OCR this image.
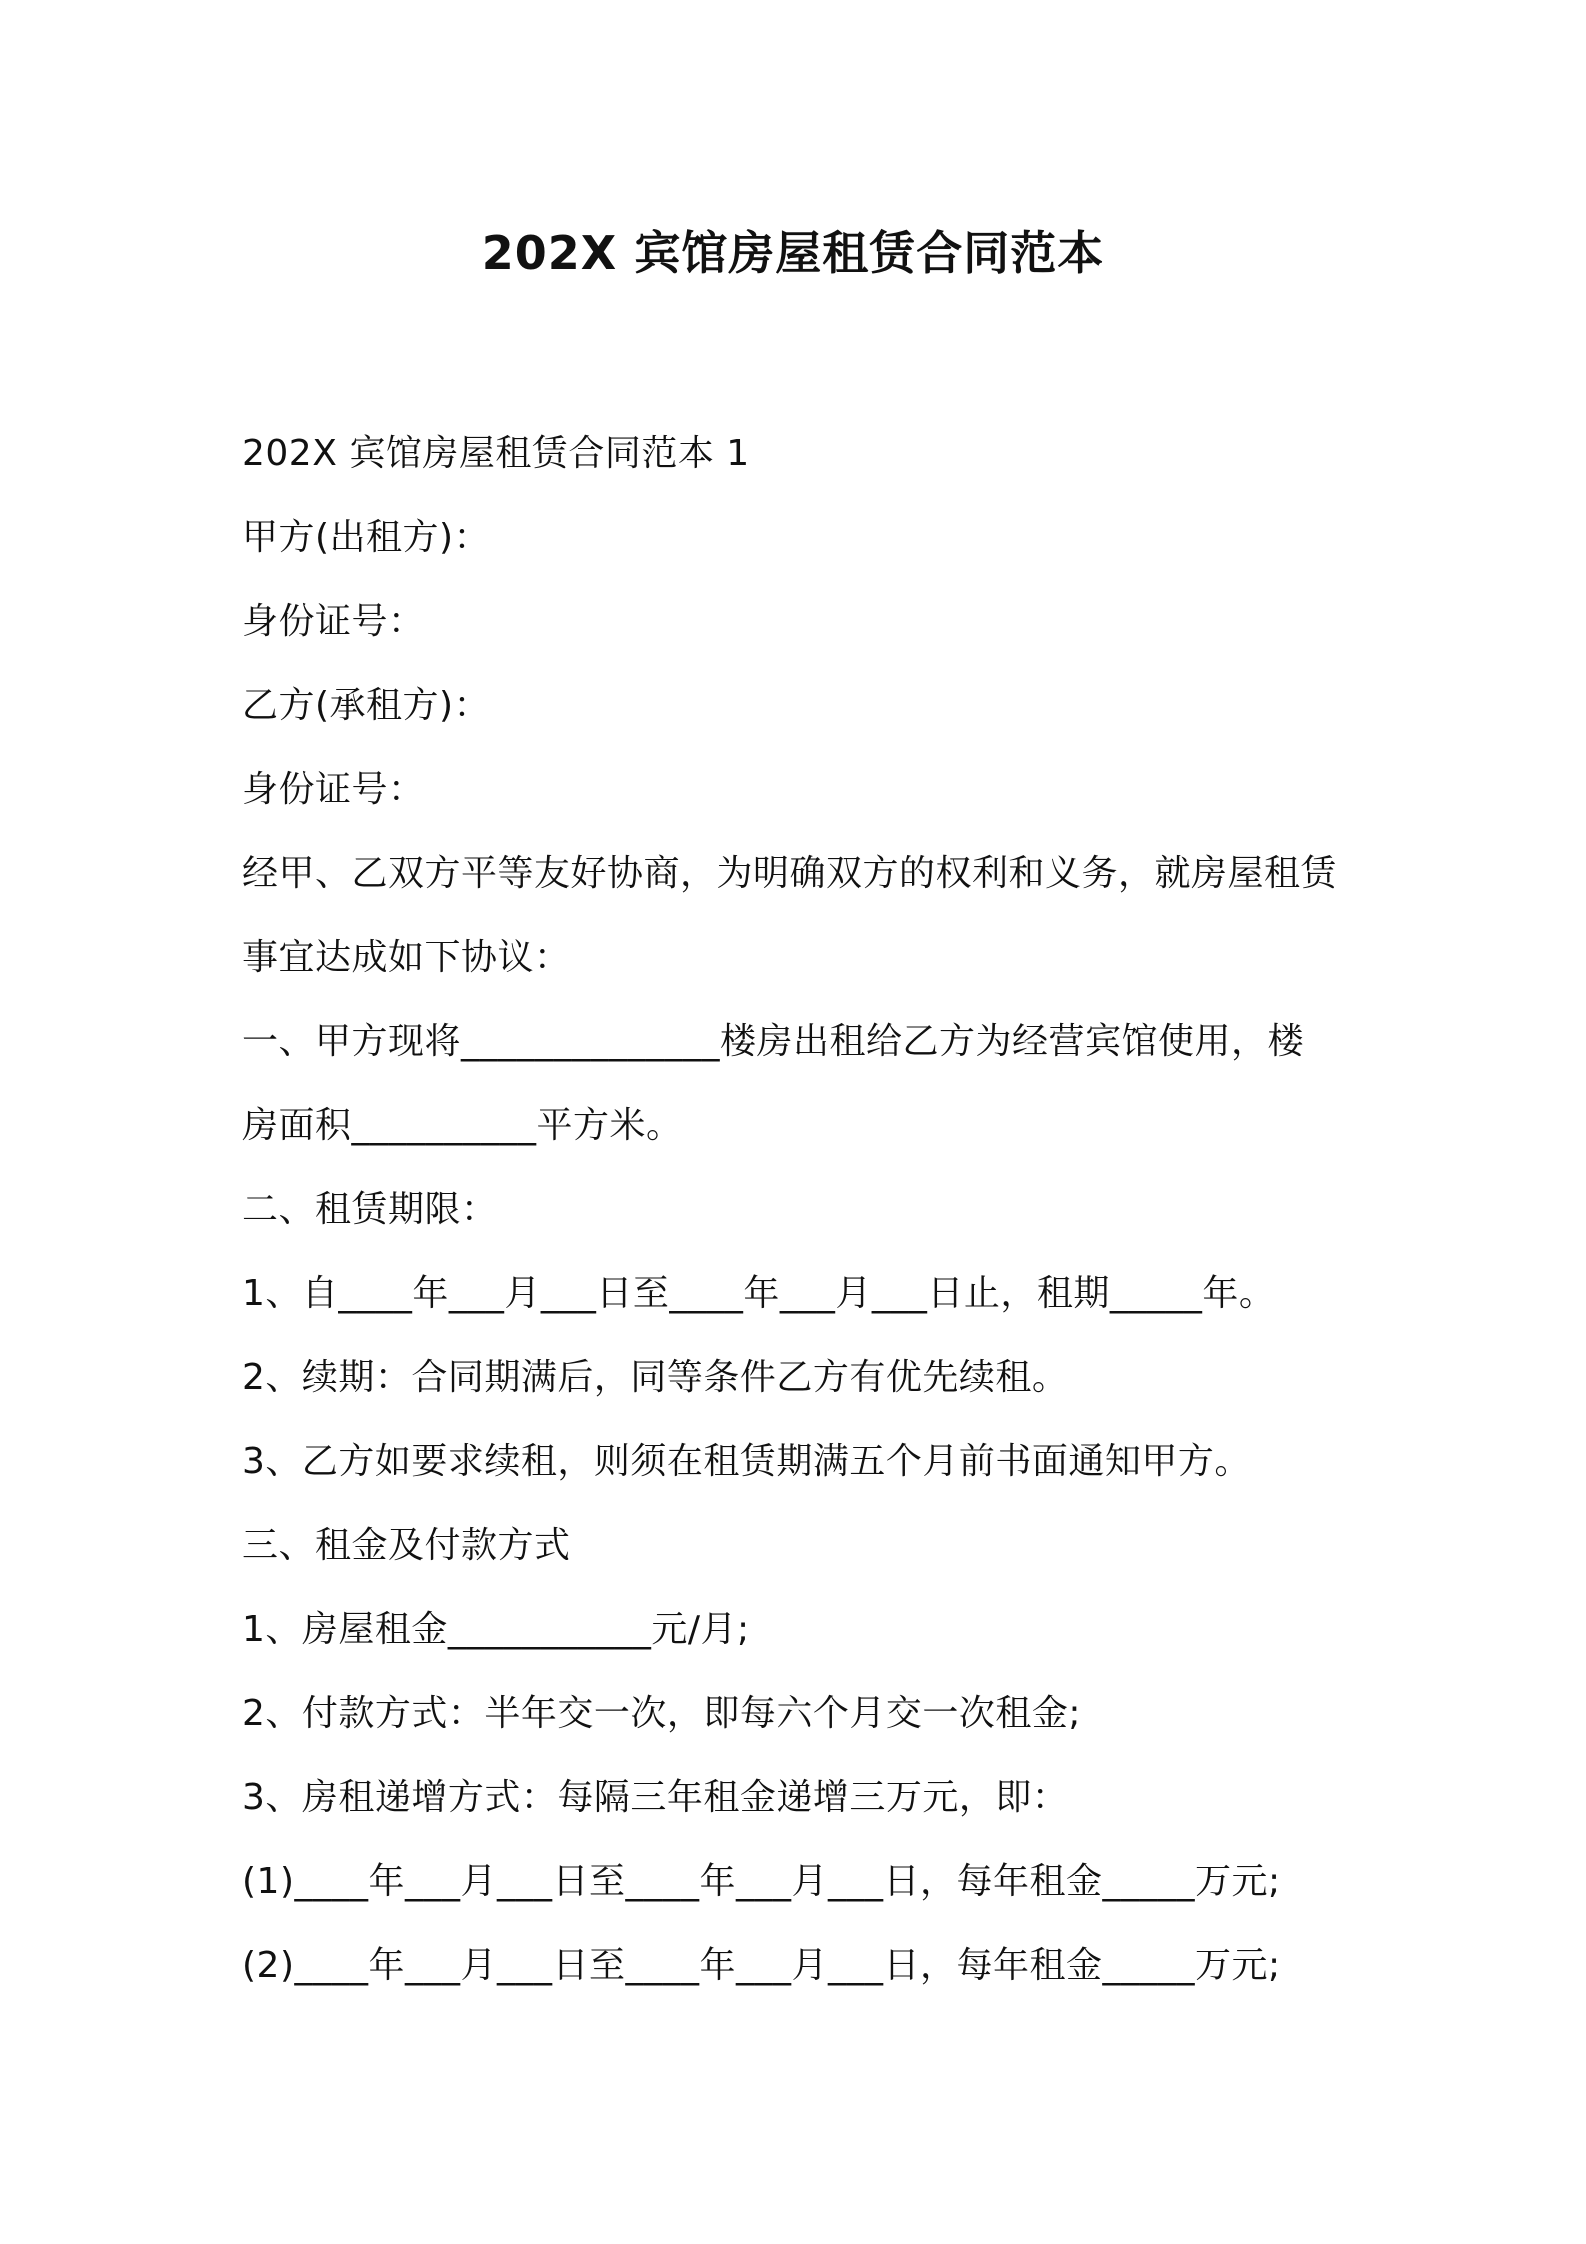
202X 宾馆房屋租赁合同范本
202X 宾馆房屋租赁合同范本 1
甲方(出租方)：
身份证号：
乙方(承租方)：
身份证号：
经甲、乙双方平等友好协商，为明确双方的权利和义务，就房屋租赁
事宜达成如下协议：
一、甲方现将______________楼房出租给乙方为经营宾馆使用，楼
房面积__________平方米。
二、租赁期限：
1、自____年___月___日至____年___月___日止，租期_____年。
2、续期：合同期满后，同等条件乙方有优先续租。
3、乙方如要求续租，则须在租赁期满五个月前书面通知甲方。
三、租金及付款方式
1、房屋租金___________元/月;
2、付款方式：半年交一次，即每六个月交一次租金;
3、房租递增方式：每隔三年租金递增三万元，即：
(1)____年___月___日至____年___月___日，每年租金_____万元;
(2)____年___月___日至____年___月___日，每年租金_____万元;
